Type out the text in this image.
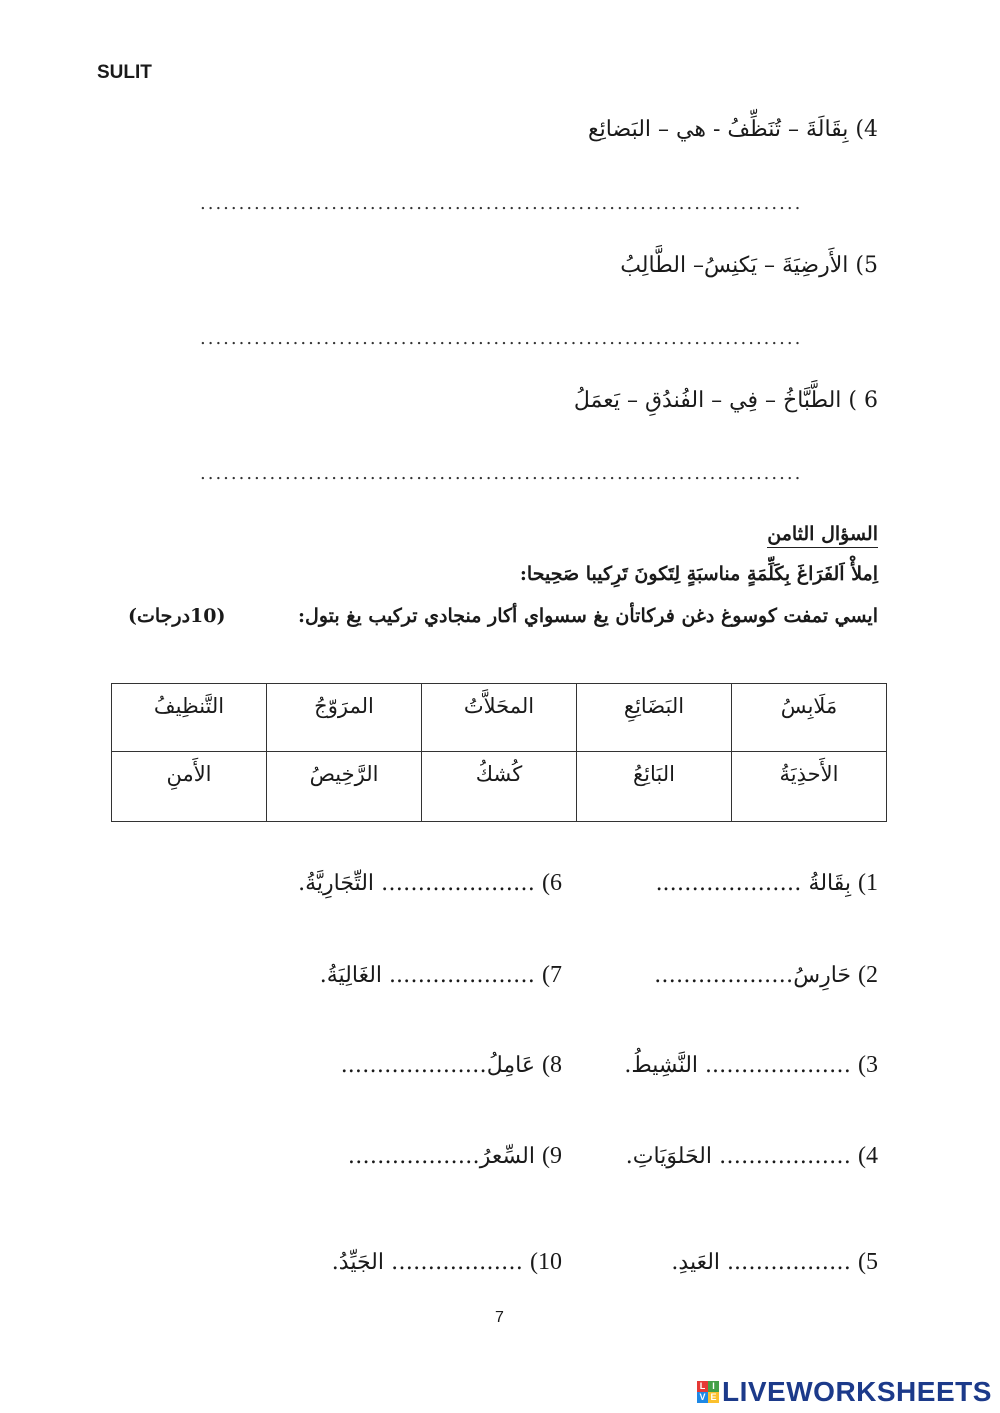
SULIT
4) بِقَالَةَ – تُنَظِّفُ - هي – البَضائِع
..............................................................................
5) الأَرضِيَةَ – يَكنِسُ– الطَّالِبُ
..............................................................................
6 ) الطَّبَّاخُ – فِي – الفُندُقِ – يَعمَلُ
..............................................................................
السؤال الثامن
اِملأْ اَلفَرَاغَ بِكَلِّمَةٍ مناسبَةٍ لِتَكونَ تَرِكيبا صَحِيحا:
ايسي تمفت كوسوغ دغن فركاتأن يغ سسواي أكار منجادي تركيب يغ بتول:
(10درجات)
مَلَابِسُ	البَضَائِعِ	المحَلاَّتُ	المرَوّجُ	التَّنظِيفُ
الأَحذِيَةُ	البَائِعُ	كُشكُ	الرَّخِيصُ	الأَمنِ
1) بِقَالةُ ………………..
2) حَارِسُ……………….
3) ……………….. النَّشِيطُ.
4) ……………… الحَلوَيَاتِ.
5) …………….. العَيدِ.
6) ………………… التِّجَارِيَّةُ.
7) ……………….. الغَالِيَةُ.
8) عَامِلُ………………..
9) السِّعرُ………………
10) ……………… الجَيِّدُ.
7
L I
V E LIVEWORKSHEETS
